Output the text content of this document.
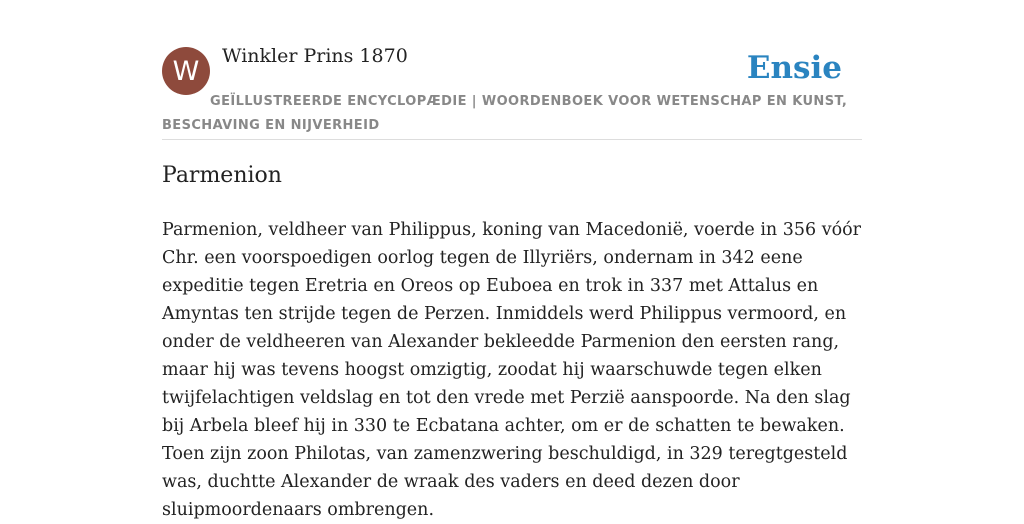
W	Winkler Prins 1870	Ensie
GEÏLLUSTREERDE ENCYCLOPÆDIE | WOORDENBOEK VOOR WETENSCHAP EN KUNST, BESCHAVING EN NIJVERHEID
Parmenion

Parmenion, veldheer van Philippus, koning van Macedonië, voerde in 356 vóór Chr. een voorspoedigen oorlog tegen de Illyriërs, ondernam in 342 eene expeditie tegen Eretria en Oreos op Euboea en trok in 337 met Attalus en Amyntas ten strijde tegen de Perzen. Inmiddels werd Philippus vermoord, en onder de veldheeren van Alexander bekleedde Parmenion den eersten rang, maar hij was tevens hoogst omzigtig, zoodat hij waarschuwde tegen elken twijfelachtigen veldslag en tot den vrede met Perzië aanspoorde. Na den slag bij Arbela bleef hij in 330 te Ecbatana achter, om er de schatten te bewaken. Toen zijn zoon Philotas, van zamenzwering beschuldigd, in 329 teregtgesteld was, duchtte Alexander de wraak des vaders en deed dezen door sluipmoordenaars ombrengen.
